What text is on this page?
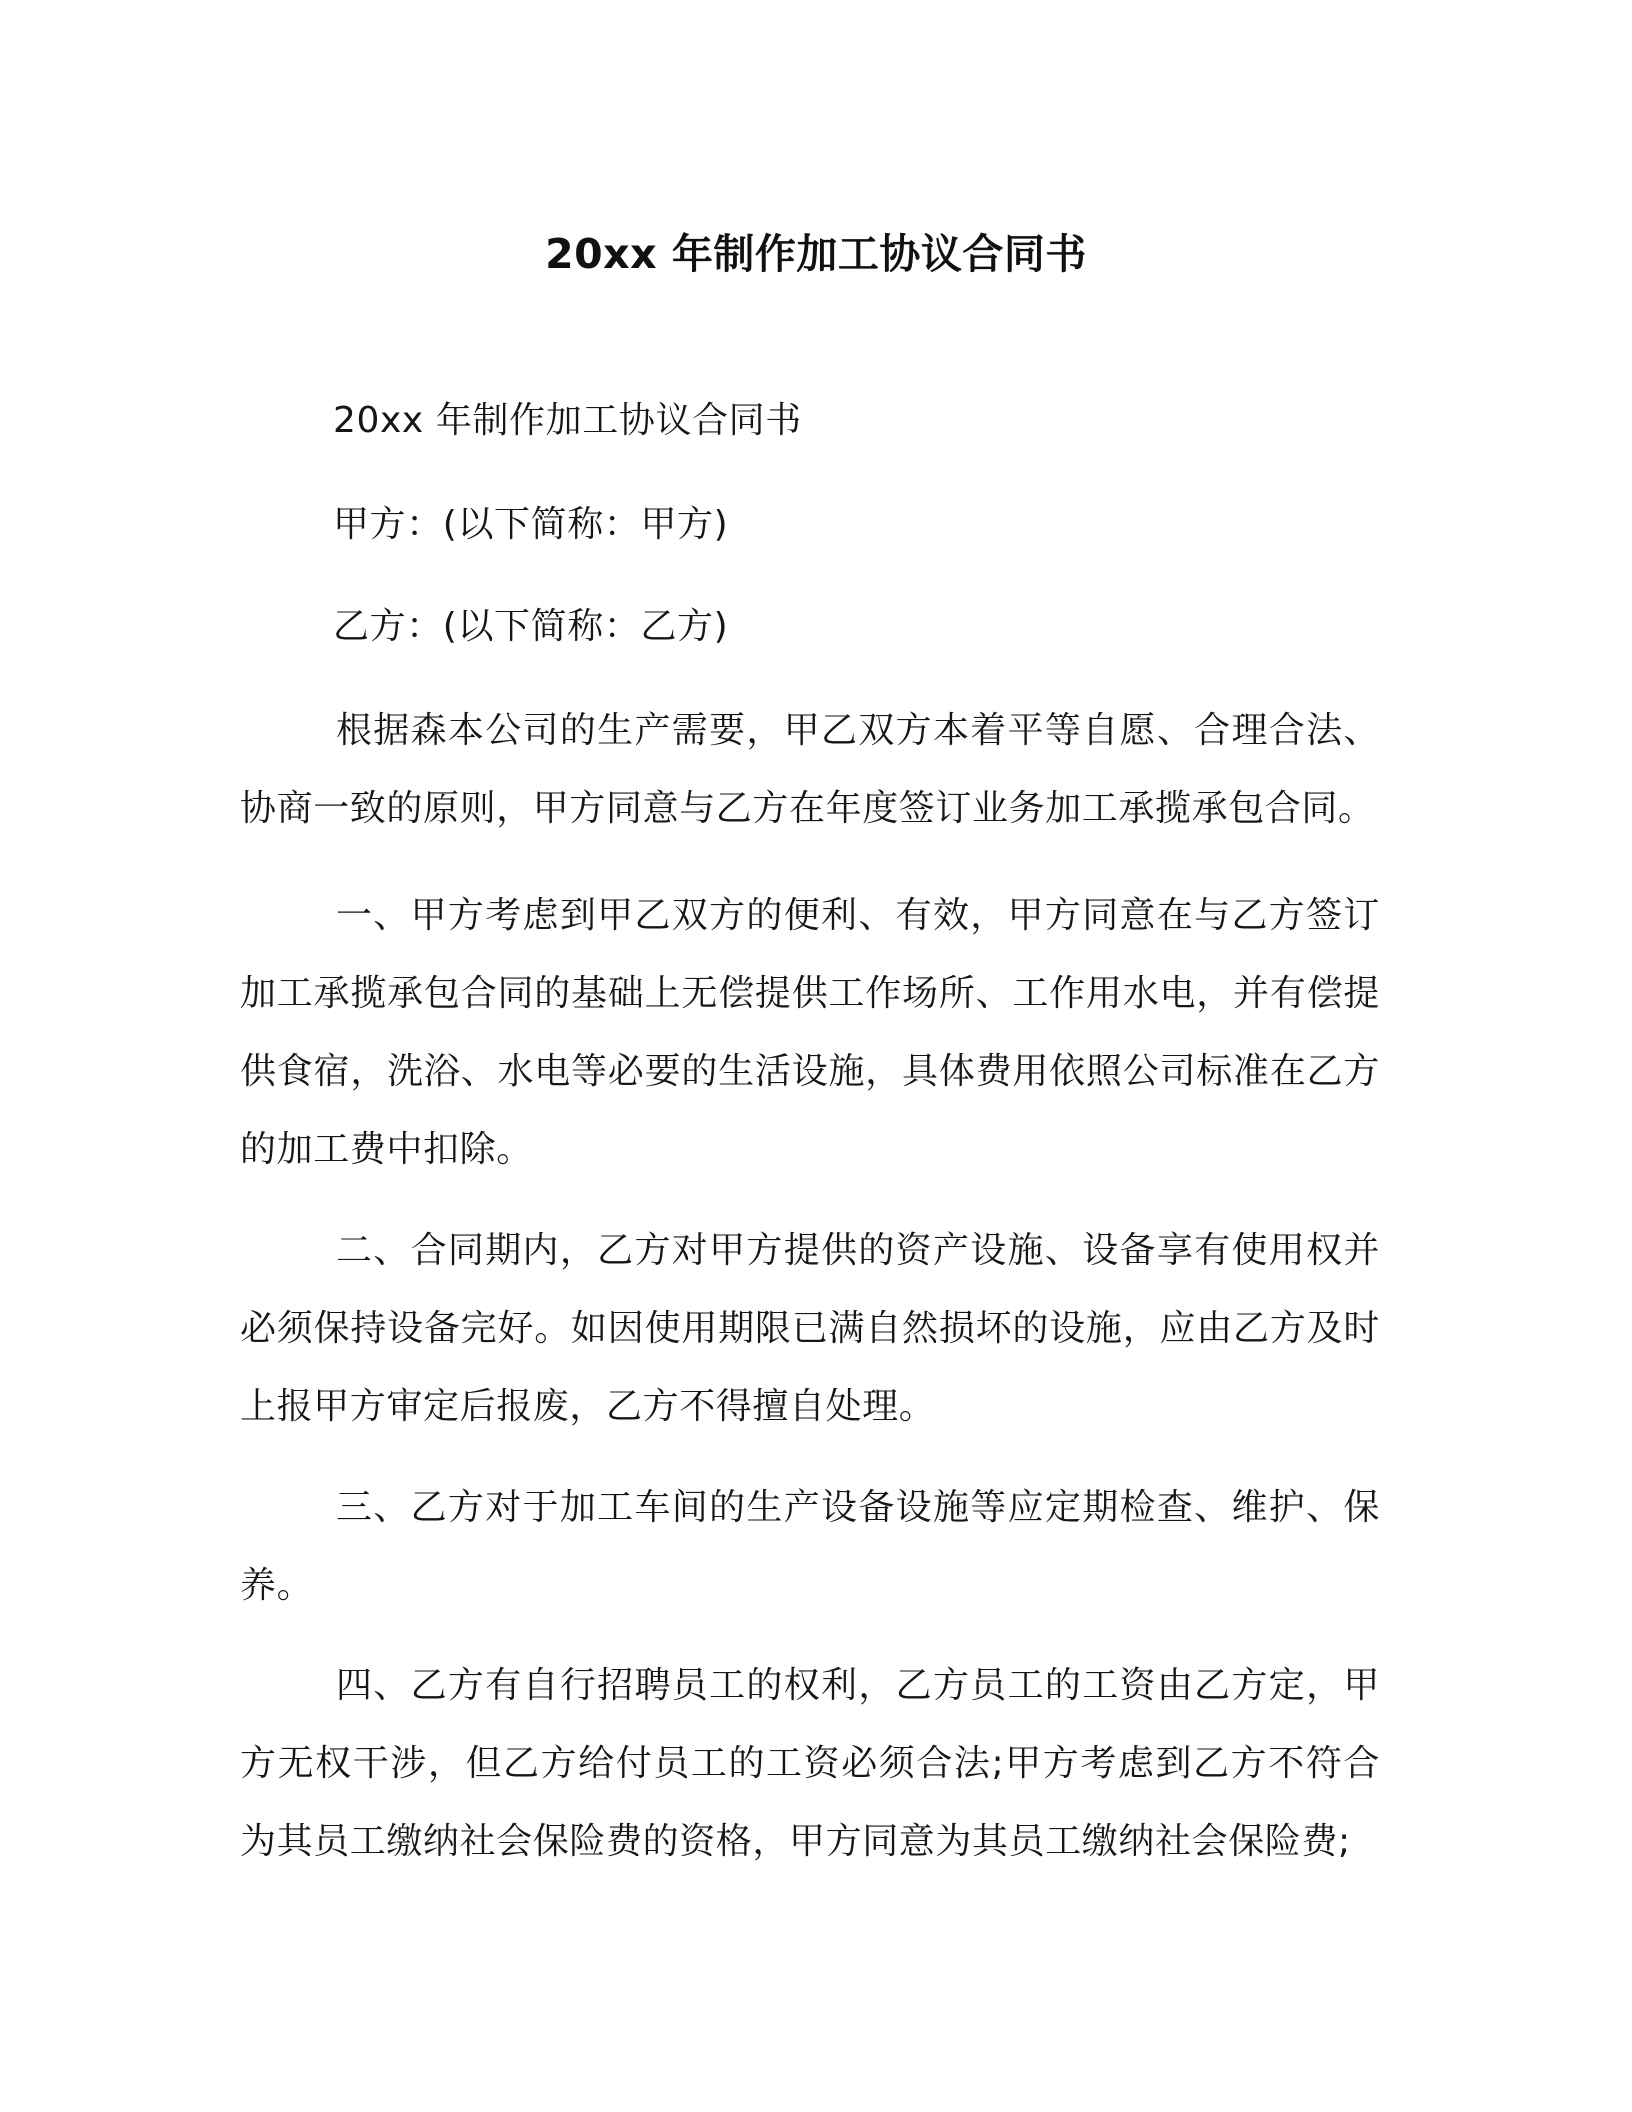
20xx 年制作加工协议合同书

20xx 年制作加工协议合同书

甲方：(以下简称：甲方)

乙方：(以下简称：乙方)

根据森本公司的生产需要，甲乙双方本着平等自愿、合理合法、协商一致的原则，甲方同意与乙方在年度签订业务加工承揽承包合同。

一、甲方考虑到甲乙双方的便利、有效，甲方同意在与乙方签订加工承揽承包合同的基础上无偿提供工作场所、工作用水电，并有偿提供食宿，洗浴、水电等必要的生活设施，具体费用依照公司标准在乙方的加工费中扣除。

二、合同期内，乙方对甲方提供的资产设施、设备享有使用权并必须保持设备完好。如因使用期限已满自然损坏的设施，应由乙方及时上报甲方审定后报废，乙方不得擅自处理。

三、乙方对于加工车间的生产设备设施等应定期检查、维护、保养。

四、乙方有自行招聘员工的权利，乙方员工的工资由乙方定，甲方无权干涉，但乙方给付员工的工资必须合法;甲方考虑到乙方不符合为其员工缴纳社会保险费的资格，甲方同意为其员工缴纳社会保险费;
